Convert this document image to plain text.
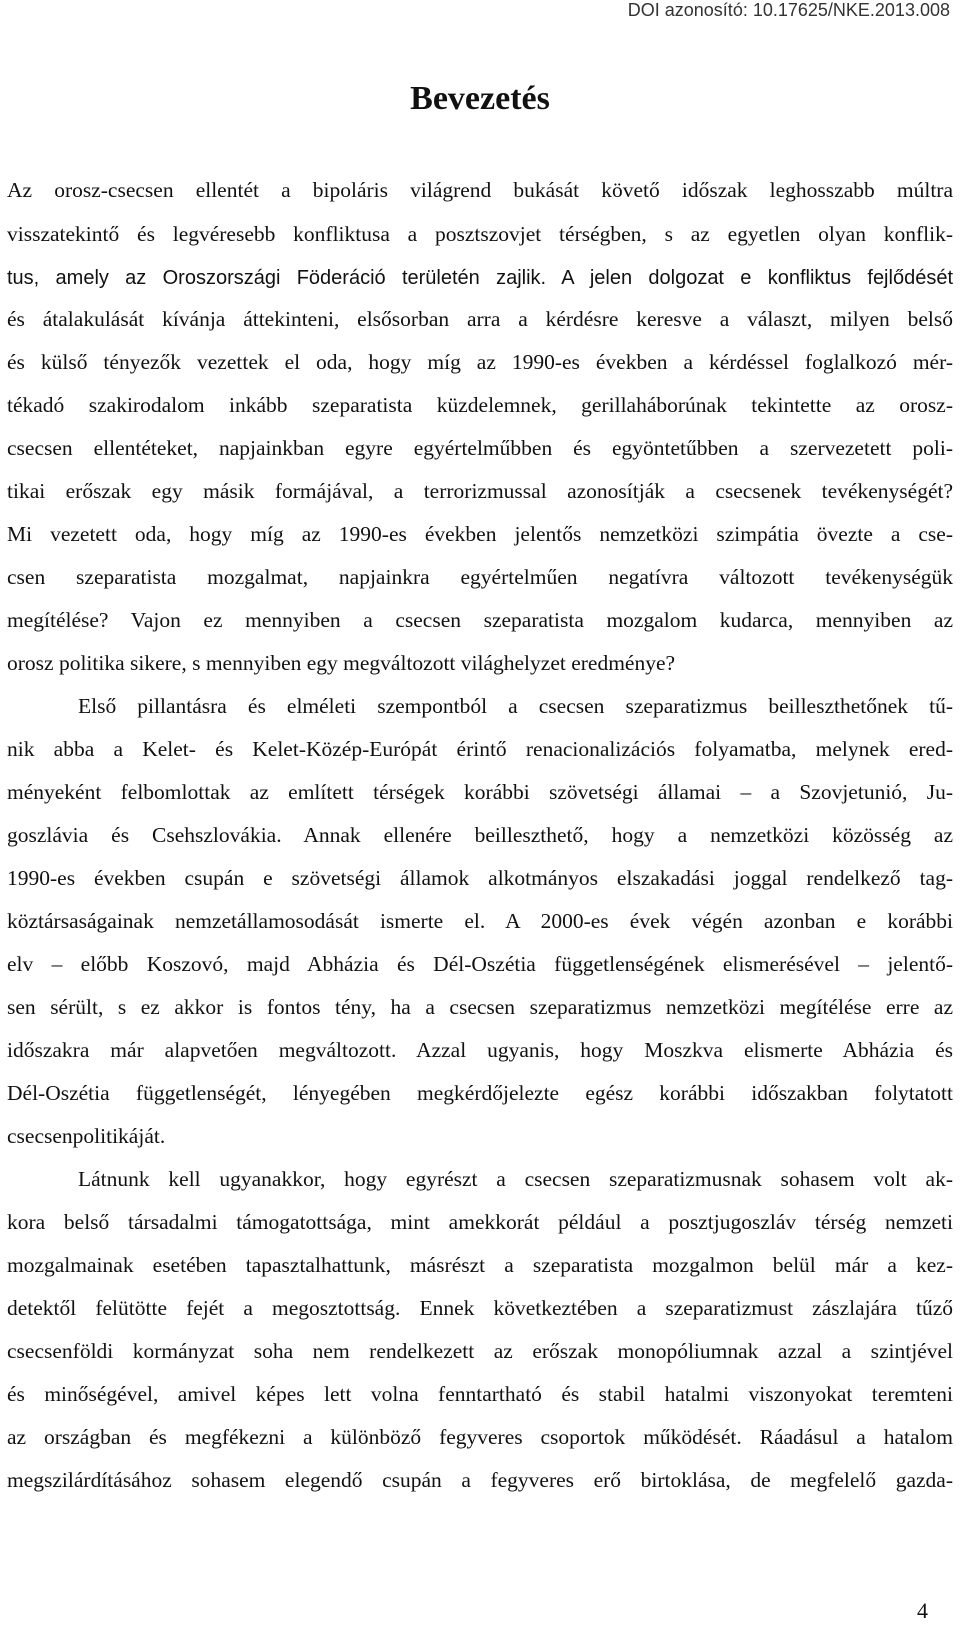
DOI azonosító: 10.17625/NKE.2013.008
Bevezetés
Az orosz-csecsen ellentét a bipoláris világrend bukását követő időszak leghosszabb múltra
visszatekintő és legvéresebb konfliktusa a posztszovjet térségben, s az egyetlen olyan konflik-
tus, amely az Oroszországi Föderáció területén zajlik. A jelen dolgozat e konfliktus fejlődését
és átalakulását kívánja áttekinteni, elsősorban arra a kérdésre keresve a választ, milyen belső
és külső tényezők vezettek el oda, hogy míg az 1990-es években a kérdéssel foglalkozó mér-
tékadó szakirodalom inkább szeparatista küzdelemnek, gerillaháborúnak tekintette az orosz-
csecsen ellentéteket, napjainkban egyre egyértelműbben és egyöntetűbben a szervezetett poli-
tikai erőszak egy másik formájával, a terrorizmussal azonosítják a csecsenek tevékenységét?
Mi vezetett oda, hogy míg az 1990-es években jelentős nemzetközi szimpátia övezte a cse-
csen szeparatista mozgalmat, napjainkra egyértelműen negatívra változott tevékenységük
megítélése? Vajon ez mennyiben a csecsen szeparatista mozgalom kudarca, mennyiben az
orosz politika sikere, s mennyiben egy megváltozott világhelyzet eredménye?
Első pillantásra és elméleti szempontból a csecsen szeparatizmus beilleszthetőnek tű-
nik abba a Kelet- és Kelet-Közép-Európát érintő renacionalizációs folyamatba, melynek ered-
ményeként felbomlottak az említett térségek korábbi szövetségi államai – a Szovjetunió, Ju-
goszlávia és Csehszlovákia. Annak ellenére beilleszthető, hogy a nemzetközi közösség az
1990-es években csupán e szövetségi államok alkotmányos elszakadási joggal rendelkező tag-
köztársaságainak nemzetállamosodását ismerte el. A 2000-es évek végén azonban e korábbi
elv – előbb Koszovó, majd Abházia és Dél-Oszétia függetlenségének elismerésével – jelentő-
sen sérült, s ez akkor is fontos tény, ha a csecsen szeparatizmus nemzetközi megítélése erre az
időszakra már alapvetően megváltozott. Azzal ugyanis, hogy Moszkva elismerte Abházia és
Dél-Oszétia függetlenségét, lényegében megkérdőjelezte egész korábbi időszakban folytatott
csecsenpolitikáját.
Látnunk kell ugyanakkor, hogy egyrészt a csecsen szeparatizmusnak sohasem volt ak-
kora belső társadalmi támogatottsága, mint amekkorát például a posztjugoszláv térség nemzeti
mozgalmainak esetében tapasztalhattunk, másrészt a szeparatista mozgalmon belül már a kez-
detektől felütötte fejét a megosztottság. Ennek következtében a szeparatizmust zászlajára tűző
csecsenföldi kormányzat soha nem rendelkezett az erőszak monopóliumnak azzal a szintjével
és minőségével, amivel képes lett volna fenntartható és stabil hatalmi viszonyokat teremteni
az országban és megfékezni a különböző fegyveres csoportok működését. Ráadásul a hatalom
megszilárdításához sohasem elegendő csupán a fegyveres erő birtoklása, de megfelelő gazda-
4
